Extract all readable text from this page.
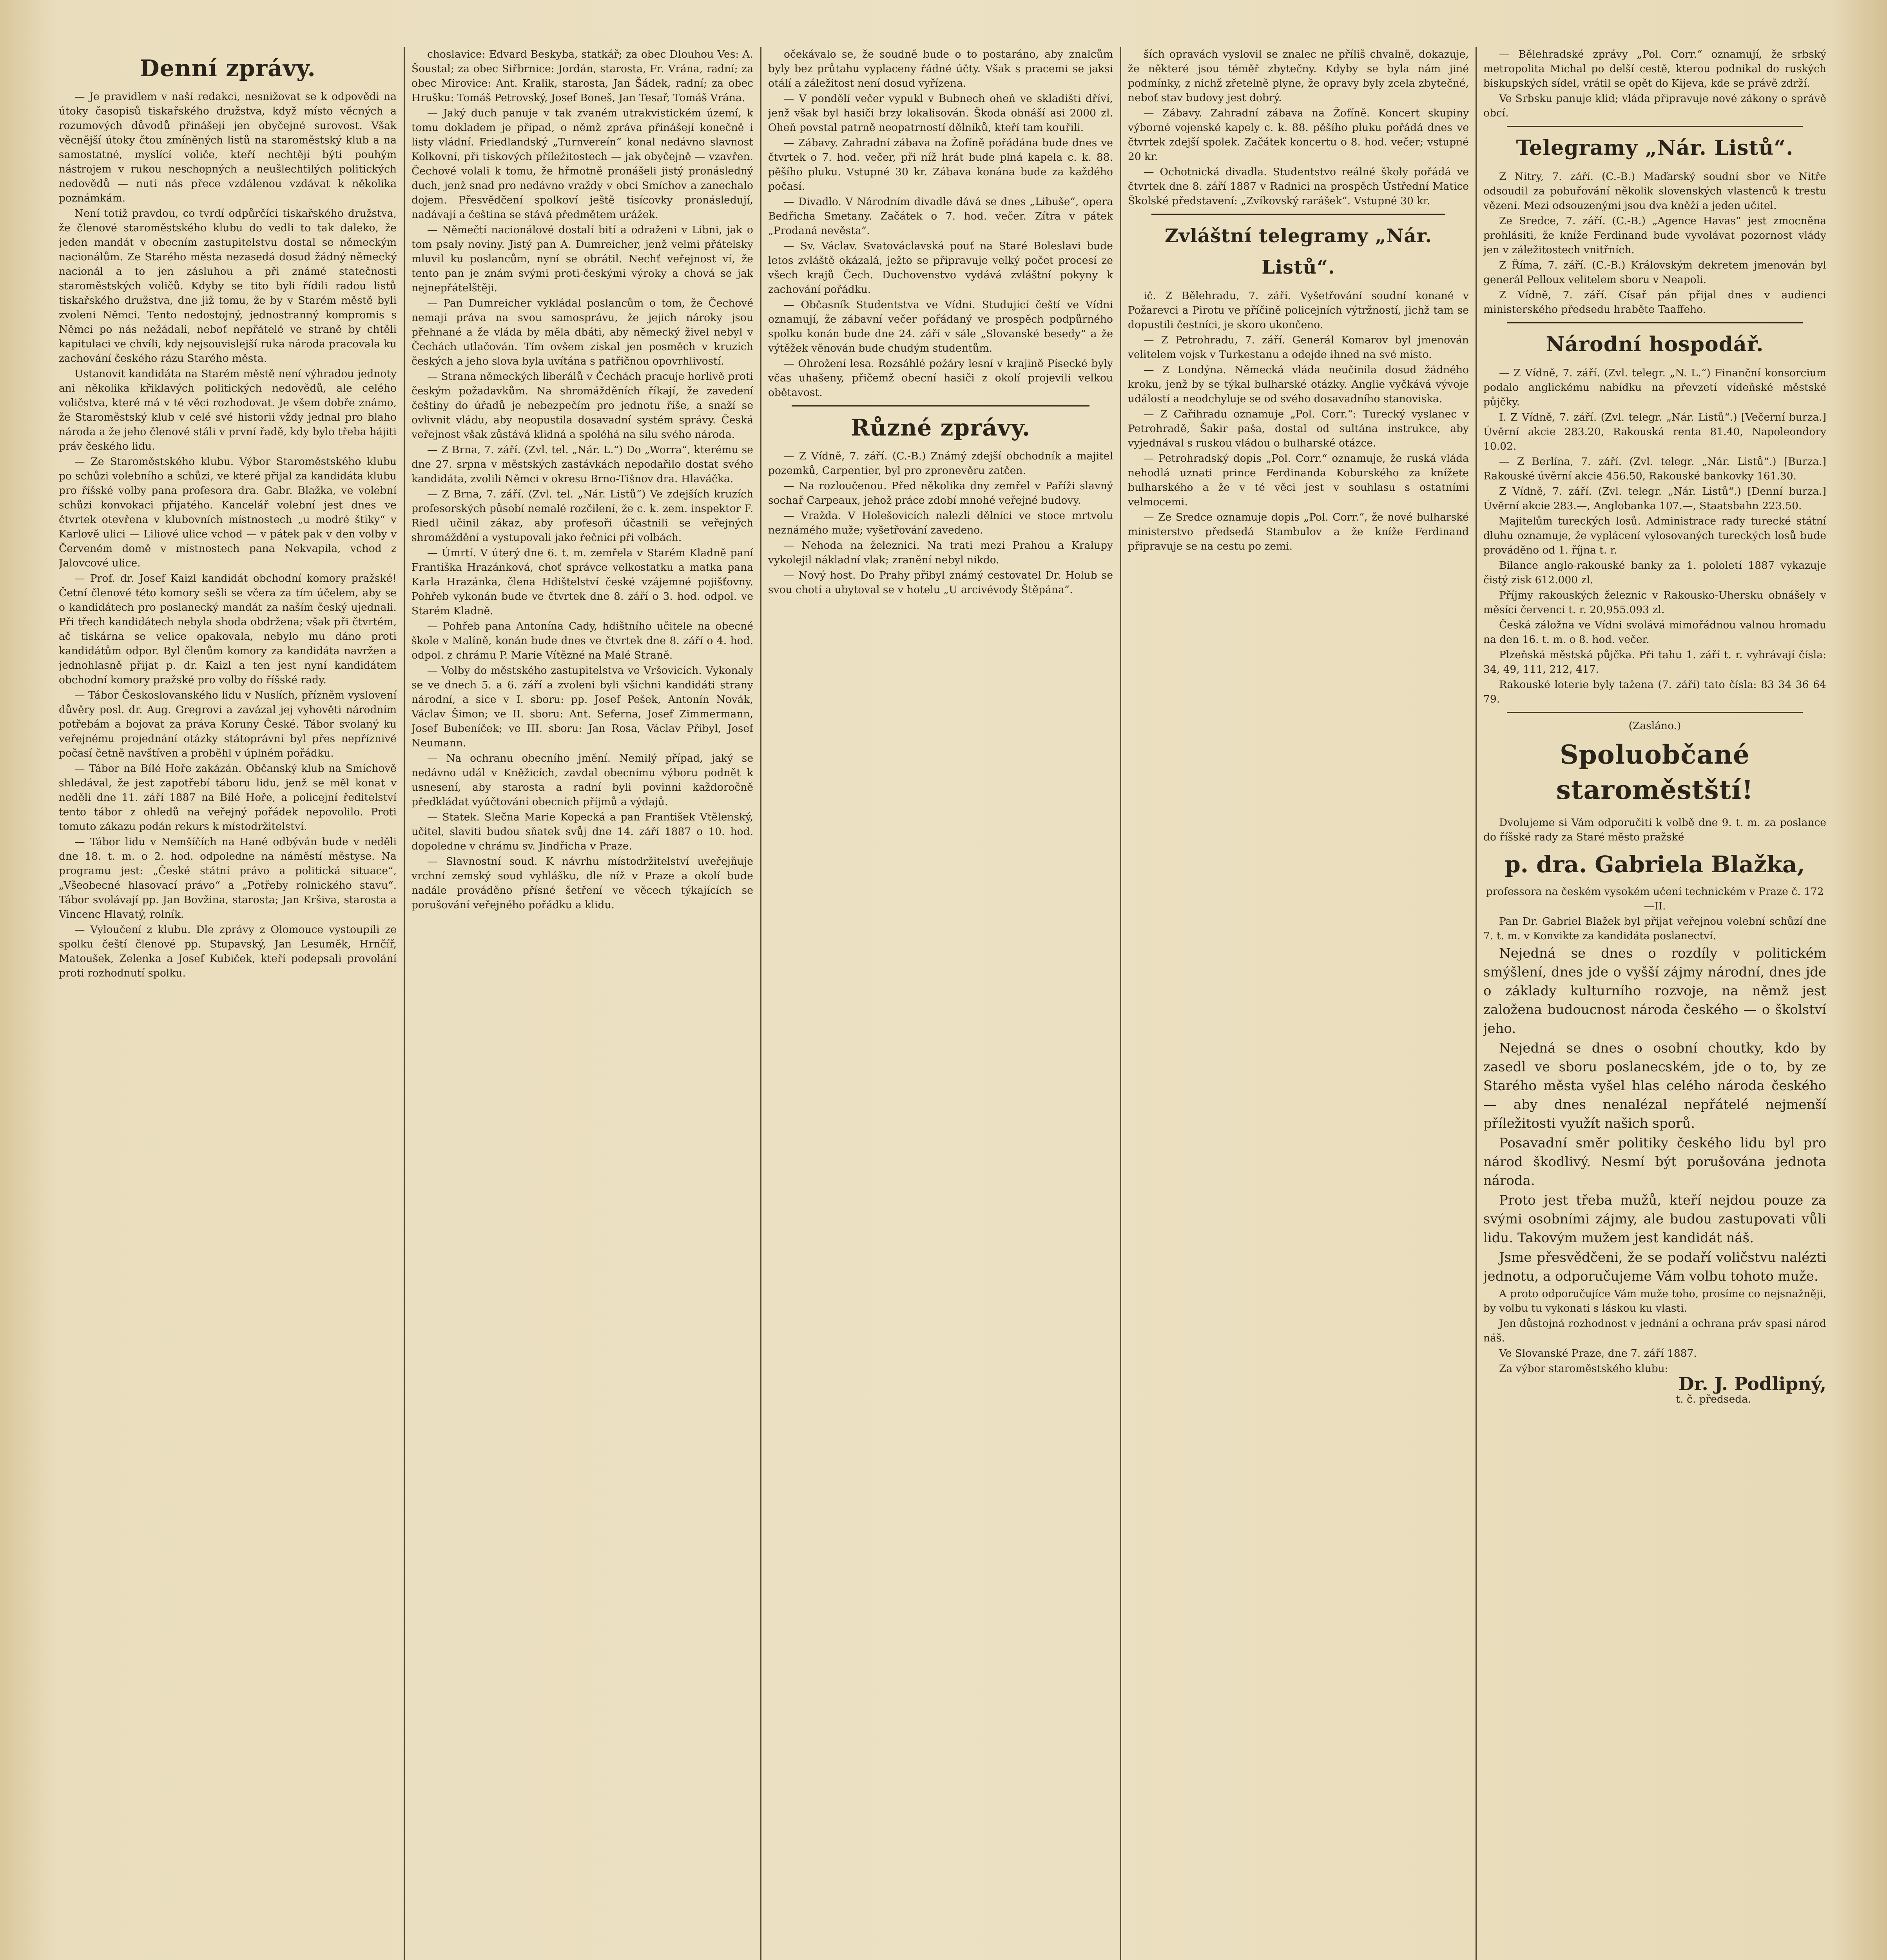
Denní zprávy.

— Je pravidlem v naší redakci, nesnižovat se k odpovědi na útoky časopisů tiskařského družstva, když místo věcných a rozumových důvodů přinášejí jen obyčejné surovost. Však věcnější útoky čtou zmíněných listů na staroměstský klub a na samostatné, myslící voliče, kteří nechtějí býti pouhým nástrojem v rukou neschopných a neušlechtilých politických nedovědů — nutí nás přece vzdálenou vzdávat k několika poznámkám.

Není totiž pravdou, co tvrdí odpůrčíci tiskařského družstva, že členové staroměstského klubu do vedli to tak daleko, že jeden mandát v obecním zastupitelstvu dostal se německým nacionálům. Ze Starého města nezasedá dosud žádný německý nacionál a to jen zásluhou a při známé statečnosti staroměstských voličů. Kdyby se tito byli řídili radou listů tiskařského družstva, dne již tomu, že by v Starém městě byli zvoleni Němci. Tento nedostojný, jednostranný kompromis s Němci po nás nežádali, neboť nepřátelé ve straně by chtěli kapitulaci ve chvíli, kdy nejsouvislejší ruka národa pracovala ku zachování českého rázu Starého města.

Ustanovit kandidáta na Starém městě není výhradou jednoty ani několika křiklavých politických nedovědů, ale celého voličstva, které má v té věci rozhodovat. Je všem dobře známo, že Staroměstský klub v celé své historii vždy jednal pro blaho národa a že jeho členové stáli v první řadě, kdy bylo třeba hájiti práv českého lidu.

— Ze Staroměstského klubu. Výbor Staroměstského klubu po schůzi volebního a schůzi, ve které přijal za kandidáta klubu pro říšské volby pana profesora dra. Gabr. Blažka, ve volební schůzi konvokaci přijatého. Kancelář volební jest dnes ve čtvrtek otevřena v klubovních místnostech „u modré štiky“ v Karlově ulici — Liliové ulice vchod — v pátek pak v den volby v Červeném domě v místnostech pana Nekvapila, vchod z Jalovcové ulice.

— Prof. dr. Josef Kaizl kandidát obchodní komory pražské! Četní členové této komory sešli se včera za tím účelem, aby se o kandidátech pro poslanecký mandát za naším český ujednali. Při třech kandidátech nebyla shoda obdržena; však při čtvrtém, ač tiskárna se velice opakovala, nebylo mu dáno proti kandidátům odpor. Byl členům komory za kandidáta navržen a jednohlasně přijat p. dr. Kaizl a ten jest nyní kandidátem obchodní komory pražské pro volby do říšské rady.

— Tábor Českoslovanského lidu v Nuslích, přízněm vyslovení důvěry posl. dr. Aug. Gregrovi a zavázal jej vyhověti národním potřebám a bojovat za práva Koruny České. Tábor svolaný ku veřejnému projednání otázky státoprávní byl přes nepříznivé počasí četně navštíven a proběhl v úplném pořádku.

— Tábor na Bílé Hoře zakázán. Občanský klub na Smíchově shledával, že jest zapotřebí táboru lidu, jenž se měl konat v neděli dne 11. září 1887 na Bílé Hoře, a policejní ředitelství tento tábor z ohledů na veřejný pořádek nepovolilo. Proti tomuto zákazu podán rekurs k místodržitelství.

— Tábor lidu v Nemšíčích na Hané odbýván bude v neděli dne 18. t. m. o 2. hod. odpoledne na náměstí městyse. Na programu jest: „České státní právo a politická situace“, „Všeobecné hlasovací právo“ a „Potřeby rolnického stavu“. Tábor svolávají pp. Jan Bovžina, starosta; Jan Kršiva, starosta a Vincenc Hlavatý, rolník.

— Vyloučení z klubu. Dle zprávy z Olomouce vystoupili ze spolku čeští členové pp. Stupavský, Jan Lesuměk, Hrnčíř, Matoušek, Zelenka a Josef Kubiček, kteří podepsali provolání proti rozhodnutí spolku.

choslavice: Edvard Beskyba, statkář; za obec Dlouhou Ves: A. Šoustal; za obec Siřbrnice: Jordán, starosta, Fr. Vrána, radní; za obec Mirovice: Ant. Kralik, starosta, Jan Šádek, radní; za obec Hrušku: Tomáš Petrovský, Josef Boneš, Jan Tesař, Tomáš Vrána.

— Jaký duch panuje v tak zvaném utrakvistickém území, k tomu dokladem je případ, o němž zpráva přinášejí konečně i listy vládní. Friedlandský „Turnvereín“ konal nedávno slavnost Kolkovní, při tiskových příležitostech — jak obyčejně — vzavřen. Čechové volali k tomu, že hřmotně pronášeli jistý pronásledný duch, jenž snad pro nedávno vraždy v obci Smíchov a zanechalo dojem. Přesvědčení spolkoví ještě tisícovky pronásledují, nadávají a čeština se stává předmětem urážek.

— Němečtí nacionálové dostalí bití a odraženi v Libni, jak o tom psaly noviny. Jistý pan A. Dumreicher, jenž velmi přátelsky mluvil ku poslancům, nyní se obrátil. Nechť veřejnost ví, že tento pan je znám svými proti-českými výroky a chová se jak nejnepřátelštěji.

— Pan Dumreicher vykládal poslancům o tom, že Čechové nemají práva na svou samosprávu, že jejich nároky jsou přehnané a že vláda by měla dbáti, aby německý živel nebyl v Čechách utlačován. Tím ovšem získal jen posměch v kruzích českých a jeho slova byla uvítána s patřičnou opovrhlivostí.

— Strana německých liberálů v Čechách pracuje horlivě proti českým požadavkům. Na shromážděních říkají, že zavedení češtiny do úřadů je nebezpečím pro jednotu říše, a snaží se ovlivnit vládu, aby neopustila dosavadní systém správy. Česká veřejnost však zůstává klidná a spoléhá na sílu svého národa.

— Z Brna, 7. září. (Zvl. tel. „Nár. L.“) Do „Worra“, kterému se dne 27. srpna v městských zastávkách nepodařilo dostat svého kandidáta, zvolili Němci v okresu Brno-Tišnov dra. Hlaváčka.

— Z Brna, 7. září. (Zvl. tel. „Nár. Listů“) Ve zdejších kruzích profesorských působí nemalé rozčilení, že c. k. zem. inspektor F. Riedl učinil zákaz, aby profesoři účastnili se veřejných shromáždění a vystupovali jako řečníci při volbách.

— Úmrtí. V úterý dne 6. t. m. zemřela v Starém Kladně paní Františka Hrazánková, choť správce velkostatku a matka pana Karla Hrazánka, člena Hdištelství české vzájemné pojišťovny. Pohřeb vykonán bude ve čtvrtek dne 8. září o 3. hod. odpol. ve Starém Kladně.

— Pohřeb pana Antonína Cady, hdištního učitele na obecné škole v Malíně, konán bude dnes ve čtvrtek dne 8. září o 4. hod. odpol. z chrámu P. Marie Vítězné na Malé Straně.

— Volby do městského zastupitelstva ve Vršovicích. Vykonaly se ve dnech 5. a 6. září a zvoleni byli všichni kandidáti strany národní, a sice v I. sboru: pp. Josef Pešek, Antonín Novák, Václav Šimon; ve II. sboru: Ant. Seferna, Josef Zimmermann, Josef Bubeníček; ve III. sboru: Jan Rosa, Václav Přibyl, Josef Neumann.

— Na ochranu obecního jmění. Nemilý případ, jaký se nedávno udál v Kněžicích, zavdal obecnímu výboru podnět k usnesení, aby starosta a radní byli povinni každoročně předkládat vyúčtování obecních příjmů a výdajů.

— Statek. Slečna Marie Kopecká a pan František Vtělenský, učitel, slaviti budou sňatek svůj dne 14. září 1887 o 10. hod. dopoledne v chrámu sv. Jindřicha v Praze.

— Slavnostní soud. K návrhu místodržitelství uveřejňuje vrchní zemský soud vyhlášku, dle níž v Praze a okolí bude nadále prováděno přísné šetření ve věcech týkajících se porušování veřejného pořádku a klidu.

očekávalo se, že soudně bude o to postaráno, aby znalcům byly bez průtahu vyplaceny řádné účty. Však s pracemi se jaksi otálí a záležitost není dosud vyřízena.

— V pondělí večer vypukl v Bubnech oheň ve skladišti dříví, jenž však byl hasiči brzy lokalisován. Škoda obnáší asi 2000 zl. Oheň povstal patrně neopatrností dělníků, kteří tam kouřili.

— Zábavy. Zahradní zábava na Žofíně pořádána bude dnes ve čtvrtek o 7. hod. večer, při níž hrát bude plná kapela c. k. 88. pěšího pluku. Vstupné 30 kr. Zábava konána bude za každého počasí.

— Divadlo. V Národním divadle dává se dnes „Libuše“, opera Bedřicha Smetany. Začátek o 7. hod. večer. Zítra v pátek „Prodaná nevěsta“.

— Sv. Václav. Svatováclavská pouť na Staré Boleslavi bude letos zvláště okázalá, ježto se připravuje velký počet procesí ze všech krajů Čech. Duchovenstvo vydává zvláštní pokyny k zachování pořádku.

— Občasník Studentstva ve Vídni. Studující čeští ve Vídni oznamují, že zábavní večer pořádaný ve prospěch podpůrného spolku konán bude dne 24. září v sále „Slovanské besedy“ a že výtěžek věnován bude chudým studentům.

— Ohrožení lesa. Rozsáhlé požáry lesní v krajině Písecké byly včas uhašeny, přičemž obecní hasiči z okolí projevili velkou obětavost.

Různé zprávy.

— Z Vídně, 7. září. (C.-B.) Známý zdejší obchodník a majitel pozemků, Carpentier, byl pro zpronevěru zatčen.

— Na rozloučenou. Před několika dny zemřel v Paříži slavný sochař Carpeaux, jehož práce zdobí mnohé veřejné budovy.

— Vražda. V Holešovicích nalezli dělníci ve stoce mrtvolu neznámého muže; vyšetřování zavedeno.

— Nehoda na železnici. Na trati mezi Prahou a Kralupy vykolejil nákladní vlak; zranění nebyl nikdo.

— Nový host. Do Prahy přibyl známý cestovatel Dr. Holub se svou chotí a ubytoval se v hotelu „U arcivévody Štěpána“.

ších opravách vyslovil se znalec ne příliš chvalně, dokazuje, že některé jsou téměř zbytečny. Kdyby se byla nám jiné podmínky, z nichž zřetelně plyne, že opravy byly zcela zbytečné, neboť stav budovy jest dobrý.

— Zábavy. Zahradní zábava na Žofíně. Koncert skupiny výborné vojenské kapely c. k. 88. pěšího pluku pořádá dnes ve čtvrtek zdejší spolek. Začátek koncertu o 8. hod. večer; vstupné 20 kr.

— Ochotnická divadla. Studentstvo reálné školy pořádá ve čtvrtek dne 8. září 1887 v Radnici na prospěch Ústřední Matice Školské představení: „Zvíkovský rarášek“. Vstupné 30 kr.

Zvláštní telegramy „Nár. Listů“.

ič. Z Bělehradu, 7. září. Vyšetřování soudní konané v Požarevci a Pirotu ve příčině policejních výtržností, jichž tam se dopustili čestníci, je skoro ukončeno.

— Z Petrohradu, 7. září. Generál Komarov byl jmenován velitelem vojsk v Turkestanu a odejde ihned na své místo.

— Z Londýna. Německá vláda neučinila dosud žádného kroku, jenž by se týkal bulharské otázky. Anglie vyčkává vývoje událostí a neodchyluje se od svého dosavadního stanoviska.

— Z Cařihradu oznamuje „Pol. Corr.“: Turecký vyslanec v Petrohradě, Šakir paša, dostal od sultána instrukce, aby vyjednával s ruskou vládou o bulharské otázce.

— Petrohradský dopis „Pol. Corr.“ oznamuje, že ruská vláda nehodlá uznati prince Ferdinanda Koburského za knížete bulharského a že v té věci jest v souhlasu s ostatními velmocemi.

— Ze Sredce oznamuje dopis „Pol. Corr.“, že nové bulharské ministerstvo předsedá Stambulov a že kníže Ferdinand připravuje se na cestu po zemi.

— Bělehradské zprávy „Pol. Corr.“ oznamují, že srbský metropolita Michal po delší cestě, kterou podnikal do ruských biskupských sídel, vrátil se opět do Kijeva, kde se právě zdrží.

Ve Srbsku panuje klid; vláda připravuje nové zákony o správě obcí.

Telegramy „Nár. Listů“.

Z Nitry, 7. září. (C.-B.) Maďarský soudní sbor ve Nitře odsoudil za pobuřování několik slovenských vlastenců k trestu vězení. Mezi odsouzenými jsou dva kněží a jeden učitel.

Ze Sredce, 7. září. (C.-B.) „Agence Havas“ jest zmocněna prohlásiti, že kníže Ferdinand bude vyvolávat pozornost vlády jen v záležitostech vnitřních.

Z Říma, 7. září. (C.-B.) Královským dekretem jmenován byl generál Pelloux velitelem sboru v Neapoli.

Z Vídně, 7. září. Císař pán přijal dnes v audienci ministerského předsedu hraběte Taaffeho.

Národní hospodář.

— Z Vídně, 7. září. (Zvl. telegr. „N. L.“) Finanční konsorcium podalo anglickému nabídku na převzetí vídeňské městské půjčky.

I. Z Vídně, 7. září. (Zvl. telegr. „Nár. Listů“.) [Večerní burza.] Úvěrní akcie 283.20, Rakouská renta 81.40, Napoleondory 10.02.

— Z Berlína, 7. září. (Zvl. telegr. „Nár. Listů“.) [Burza.] Rakouské úvěrní akcie 456.50, Rakouské bankovky 161.30.

Z Vídně, 7. září. (Zvl. telegr. „Nár. Listů“.) [Denní burza.] Úvěrní akcie 283.—, Anglobanka 107.—, Staatsbahn 223.50.

Majitelům tureckých losů. Administrace rady turecké státní dluhu oznamuje, že vyplácení vylosovaných tureckých losů bude prováděno od 1. října t. r.

Bilance anglo-rakouské banky za 1. pololetí 1887 vykazuje čistý zisk 612.000 zl.

Příjmy rakouských železnic v Rakousko-Uhersku obnášely v měsíci červenci t. r. 20,955.093 zl.

Česká záložna ve Vídni svolává mimořádnou valnou hromadu na den 16. t. m. o 8. hod. večer.

Plzeňská městská půjčka. Při tahu 1. září t. r. vyhrávají čísla: 34, 49, 111, 212, 417.

Rakouské loterie byly tažena (7. září) tato čísla: 83 34 36 64 79.

(Zasláno.)

Spoluobčané staroměstští!

Dvolujeme si Vám odporučiti k volbě dne 9. t. m. za poslance do říšské rady za Staré město pražské

p. dra. Gabriela Blažka,

professora na českém vysokém učení technickém v Praze č. 172—II.

Pan Dr. Gabriel Blažek byl přijat veřejnou volební schůzí dne 7. t. m. v Konvikte za kandidáta poslanectví.

Nejedná se dnes o rozdíly v politickém smýšlení, dnes jde o vyšší zájmy národní, dnes jde o základy kulturního rozvoje, na němž jest založena budoucnost národa českého — o školství jeho.

Nejedná se dnes o osobní choutky, kdo by zasedl ve sboru poslanecském, jde o to, by ze Starého města vyšel hlas celého národa českého — aby dnes nenalézal nepřátelé nejmenší příležitosti využít našich sporů.

Posavadní směr politiky českého lidu byl pro národ škodlivý. Nesmí být porušována jednota národa.

Proto jest třeba mužů, kteří nejdou pouze za svými osobními zájmy, ale budou zastupovati vůli lidu. Takovým mužem jest kandidát náš.

Jsme přesvědčeni, že se podaří voličstvu nalézti jednotu, a odporučujeme Vám volbu tohoto muže.

A proto odporučujíce Vám muže toho, prosíme co nejsnažněji, by volbu tu vykonati s láskou ku vlasti.

Jen důstojná rozhodnost v jednání a ochrana práv spasí národ náš.

Ve Slovanské Praze, dne 7. září 1887.

Za výbor staroměstského klubu:

Dr. J. Podlipný,

t. č. předseda.
